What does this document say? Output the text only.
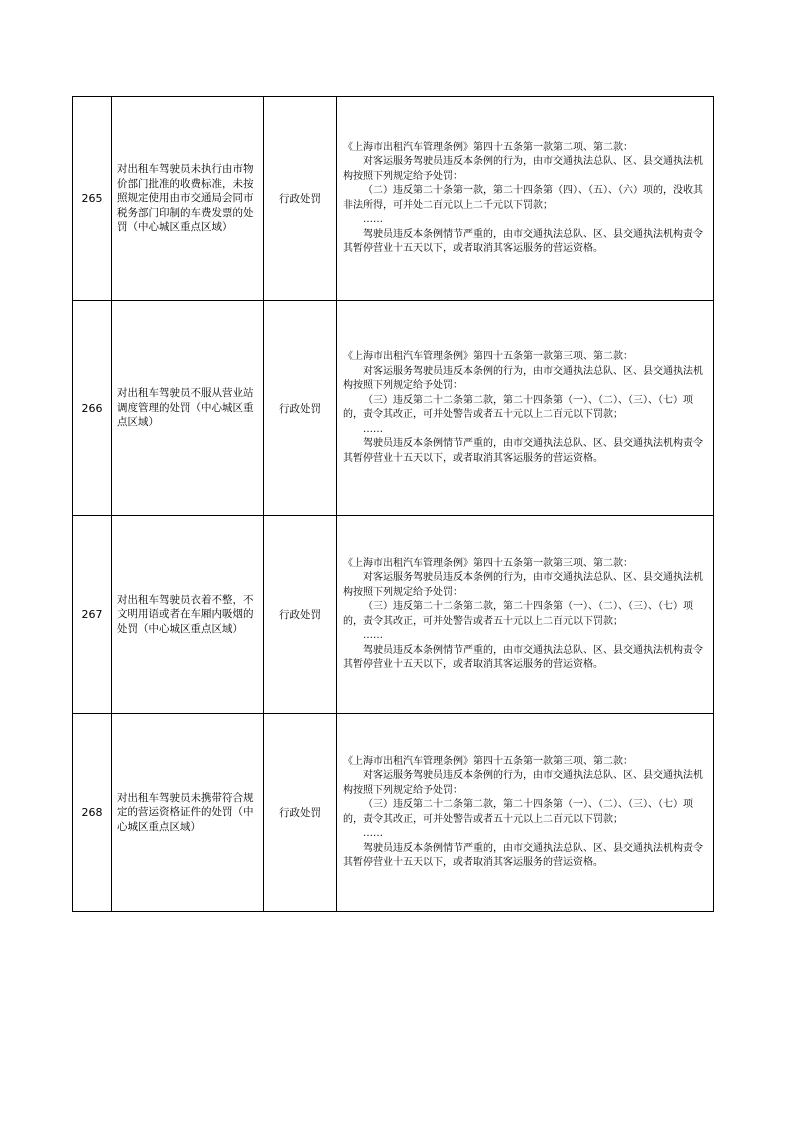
265	对出租车驾驶员未执行由市物价部门批准的收费标准，未按照规定使用由市交通局会同市税务部门印制的车费发票的处罚（中心城区重点区域）	行政处罚	《上海市出租汽车管理条例》第四十五条第一款第二项、第二款：

对客运服务驾驶员违反本条例的行为，由市交通执法总队、区、县交通执法机构按照下列规定给予处罚：

（二）违反第二十条第一款，第二十四条第（四）、（五）、（六）项的，没收其非法所得，可并处二百元以上二千元以下罚款；

……

驾驶员违反本条例情节严重的，由市交通执法总队、区、县交通执法机构责令其暂停营业十五天以下，或者取消其客运服务的营运资格。

266	对出租车驾驶员不服从营业站调度管理的处罚（中心城区重点区域）	行政处罚	《上海市出租汽车管理条例》第四十五条第一款第三项、第二款：

对客运服务驾驶员违反本条例的行为，由市交通执法总队、区、县交通执法机构按照下列规定给予处罚：

（三）违反第二十二条第二款，第二十四条第（一）、（二）、（三）、（七）项的，责令其改正，可并处警告或者五十元以上二百元以下罚款；

……

驾驶员违反本条例情节严重的，由市交通执法总队、区、县交通执法机构责令其暂停营业十五天以下，或者取消其客运服务的营运资格。

267	对出租车驾驶员衣着不整，不文明用语或者在车厢内吸烟的处罚（中心城区重点区域）	行政处罚	《上海市出租汽车管理条例》第四十五条第一款第三项、第二款：

对客运服务驾驶员违反本条例的行为，由市交通执法总队、区、县交通执法机构按照下列规定给予处罚：

（三）违反第二十二条第二款，第二十四条第（一）、（二）、（三）、（七）项的，责令其改正，可并处警告或者五十元以上二百元以下罚款；

……

驾驶员违反本条例情节严重的，由市交通执法总队、区、县交通执法机构责令其暂停营业十五天以下，或者取消其客运服务的营运资格。

268	对出租车驾驶员未携带符合规定的营运资格证件的处罚（中心城区重点区域）	行政处罚	《上海市出租汽车管理条例》第四十五条第一款第三项、第二款：

对客运服务驾驶员违反本条例的行为，由市交通执法总队、区、县交通执法机构按照下列规定给予处罚：

（三）违反第二十二条第二款，第二十四条第（一）、（二）、（三）、（七）项的，责令其改正，可并处警告或者五十元以上二百元以下罚款；

……

驾驶员违反本条例情节严重的，由市交通执法总队、区、县交通执法机构责令其暂停营业十五天以下，或者取消其客运服务的营运资格。
